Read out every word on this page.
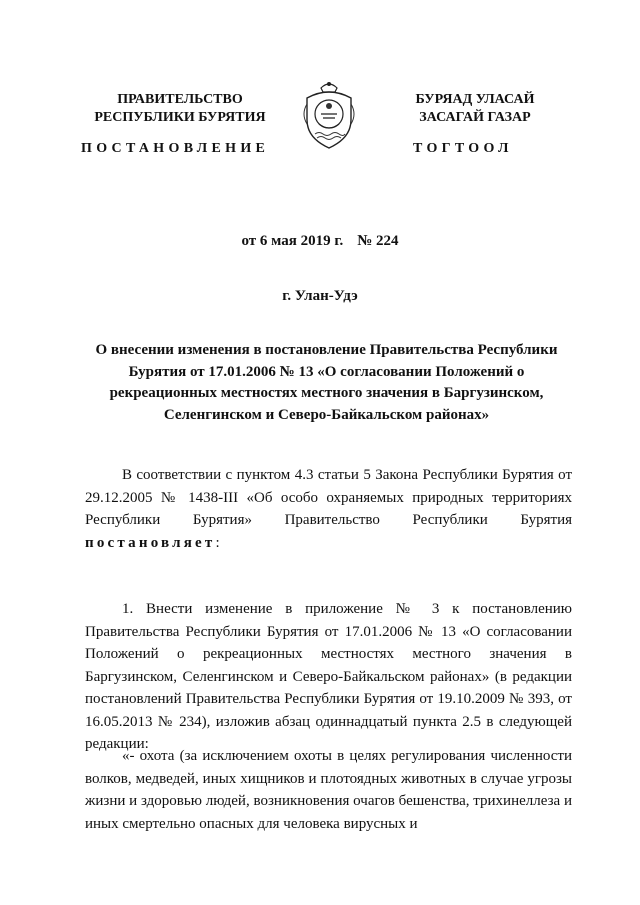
ПРАВИТЕЛЬСТВО
РЕСПУБЛИКИ БУРЯТИЯ
БУРЯАД УЛАСАЙ
ЗАСАГАЙ ГАЗАР
ПОСТАНОВЛЕНИЕ	ТОГТООЛ
от 6 мая 2019 г. № 224
г. Улан-Удэ
О внесении изменения в постановление Правительства Республики Бурятия от 17.01.2006 № 13 «О согласовании Положений о рекреационных местностях местного значения в Баргузинском, Селенгинском и Северо-Байкальском районах»
В соответствии с пунктом 4.3 статьи 5 Закона Республики Бурятия от 29.12.2005 № 1438-III «Об особо охраняемых природных территориях Республики Бурятия» Правительство Республики Бурятия постановляет:
1. Внести изменение в приложение № 3 к постановлению Правительства Республики Бурятия от 17.01.2006 № 13 «О согласовании Положений о рекреационных местностях местного значения в Баргузинском, Селенгинском и Северо-Байкальском районах» (в редакции постановлений Правительства Республики Бурятия от 19.10.2009 № 393, от 16.05.2013 № 234), изложив абзац одиннадцатый пункта 2.5 в следующей редакции:
«- охота (за исключением охоты в целях регулирования численности волков, медведей, иных хищников и плотоядных животных в случае угрозы жизни и здоровью людей, возникновения очагов бешенства, трихинеллеза и иных смертельно опасных для человека вирусных и
